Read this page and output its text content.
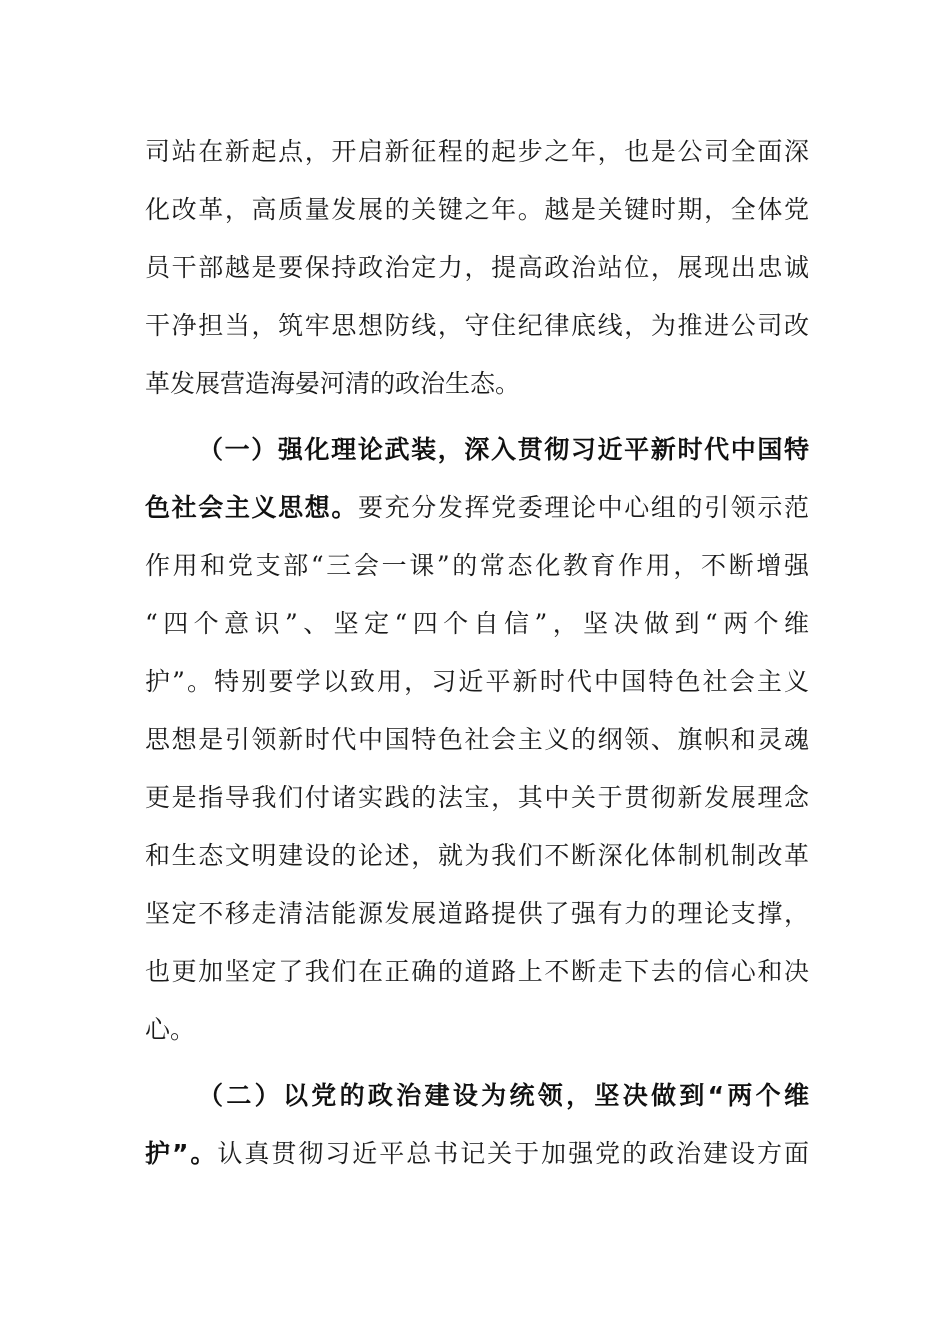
司站在新起点，开启新征程的起步之年，也是公司全面深
化改革，高质量发展的关键之年。越是关键时期，全体党
员干部越是要保持政治定力，提高政治站位，展现出忠诚
干净担当，筑牢思想防线，守住纪律底线，为推进公司改
革发展营造海晏河清的政治生态。
（一）强化理论武装，深入贯彻习近平新时代中国特
色社会主义思想。要充分发挥党委理论中心组的引领示范
作用和党支部“三会一课”的常态化教育作用，不断增强
“四个意识”、坚定“四个自信”，坚决做到“两个维
护”。特别要学以致用，习近平新时代中国特色社会主义
思想是引领新时代中国特色社会主义的纲领、旗帜和灵魂
更是指导我们付诸实践的法宝，其中关于贯彻新发展理念
和生态文明建设的论述，就为我们不断深化体制机制改革
坚定不移走清洁能源发展道路提供了强有力的理论支撑，
也更加坚定了我们在正确的道路上不断走下去的信心和决
心。
（二）以党的政治建设为统领，坚决做到“两个维
护”。认真贯彻习近平总书记关于加强党的政治建设方面
